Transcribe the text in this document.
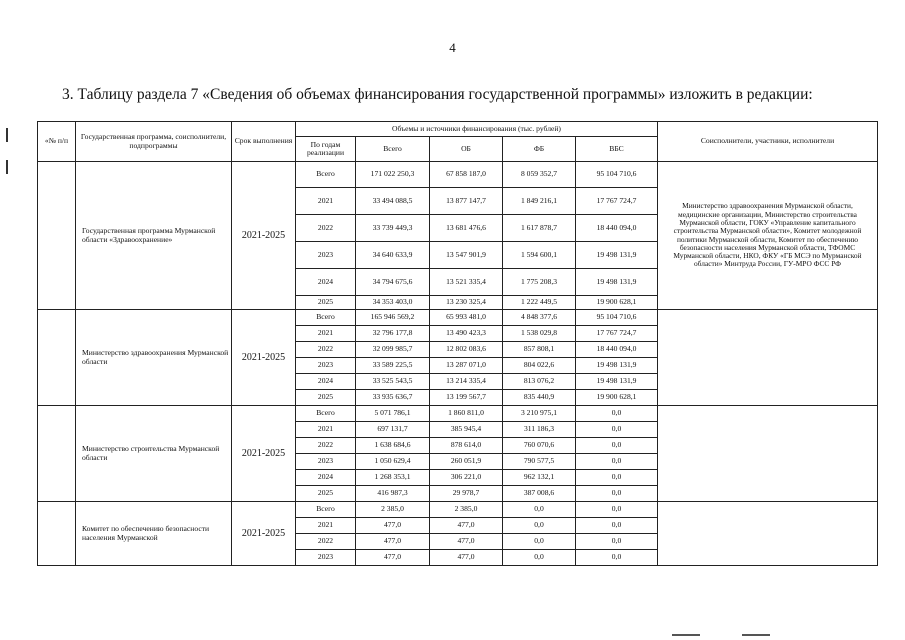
4
3. Таблицу раздела 7 «Сведения об объемах финансирования государственной программы» изложить в редакции:
«№ п/п	Государственная программа, соисполнители, подпрограммы	Срок выполнения	Объемы и источники финансирования (тыс. рублей)					Соисполнители, участники, исполнители
			По годам реализации	Всего	ОБ	ФБ	ВБС	
	Государственная программа Мурманской области «Здравоохранение»	2021-2025	Всего	171 022 250,3	67 858 187,0	8 059 352,7	95 104 710,6	Министерство здравоохранения Мурманской области, медицинские организации, Министерство строительства Мурманской области, ГОКУ «Управление капитального строительства Мурманской области», Комитет молодежной политики Мурманской области, Комитет по обеспечению безопасности населения Мурманской области, ТФОМС Мурманской области, НКО, ФКУ «ГБ МСЭ по Мурманской области» Минтруда России, ГУ-МРО ФСС РФ
			2021	33 494 088,5	13 877 147,7	1 849 216,1	17 767 724,7	
			2022	33 739 449,3	13 681 476,6	1 617 878,7	18 440 094,0	
			2023	34 640 633,9	13 547 901,9	1 594 600,1	19 498 131,9	
			2024	34 794 675,6	13 521 335,4	1 775 208,3	19 498 131,9	
			2025	34 353 403,0	13 230 325,4	1 222 449,5	19 900 628,1	
	Министерство здравоохранения Мурманской области	2021-2025	Всего	165 946 569,2	65 993 481,0	4 848 377,6	95 104 710,6	
			2021	32 796 177,8	13 490 423,3	1 538 029,8	17 767 724,7	
			2022	32 099 985,7	12 802 083,6	857 808,1	18 440 094,0	
			2023	33 589 225,5	13 287 071,0	804 022,6	19 498 131,9	
			2024	33 525 543,5	13 214 335,4	813 076,2	19 498 131,9	
			2025	33 935 636,7	13 199 567,7	835 440,9	19 900 628,1	
	Министерство строительства Мурманской области	2021-2025	Всего	5 071 786,1	1 860 811,0	3 210 975,1	0,0	
			2021	697 131,7	385 945,4	311 186,3	0,0	
			2022	1 638 684,6	878 614,0	760 070,6	0,0	
			2023	1 050 629,4	260 051,9	790 577,5	0,0	
			2024	1 268 353,1	306 221,0	962 132,1	0,0	
			2025	416 987,3	29 978,7	387 008,6	0,0	
	Комитет по обеспечению безопасности населения Мурманской	2021-2025	Всего	2 385,0	2 385,0	0,0	0,0	
			2021	477,0	477,0	0,0	0,0	
			2022	477,0	477,0	0,0	0,0	
			2023	477,0	477,0	0,0	0,0	
